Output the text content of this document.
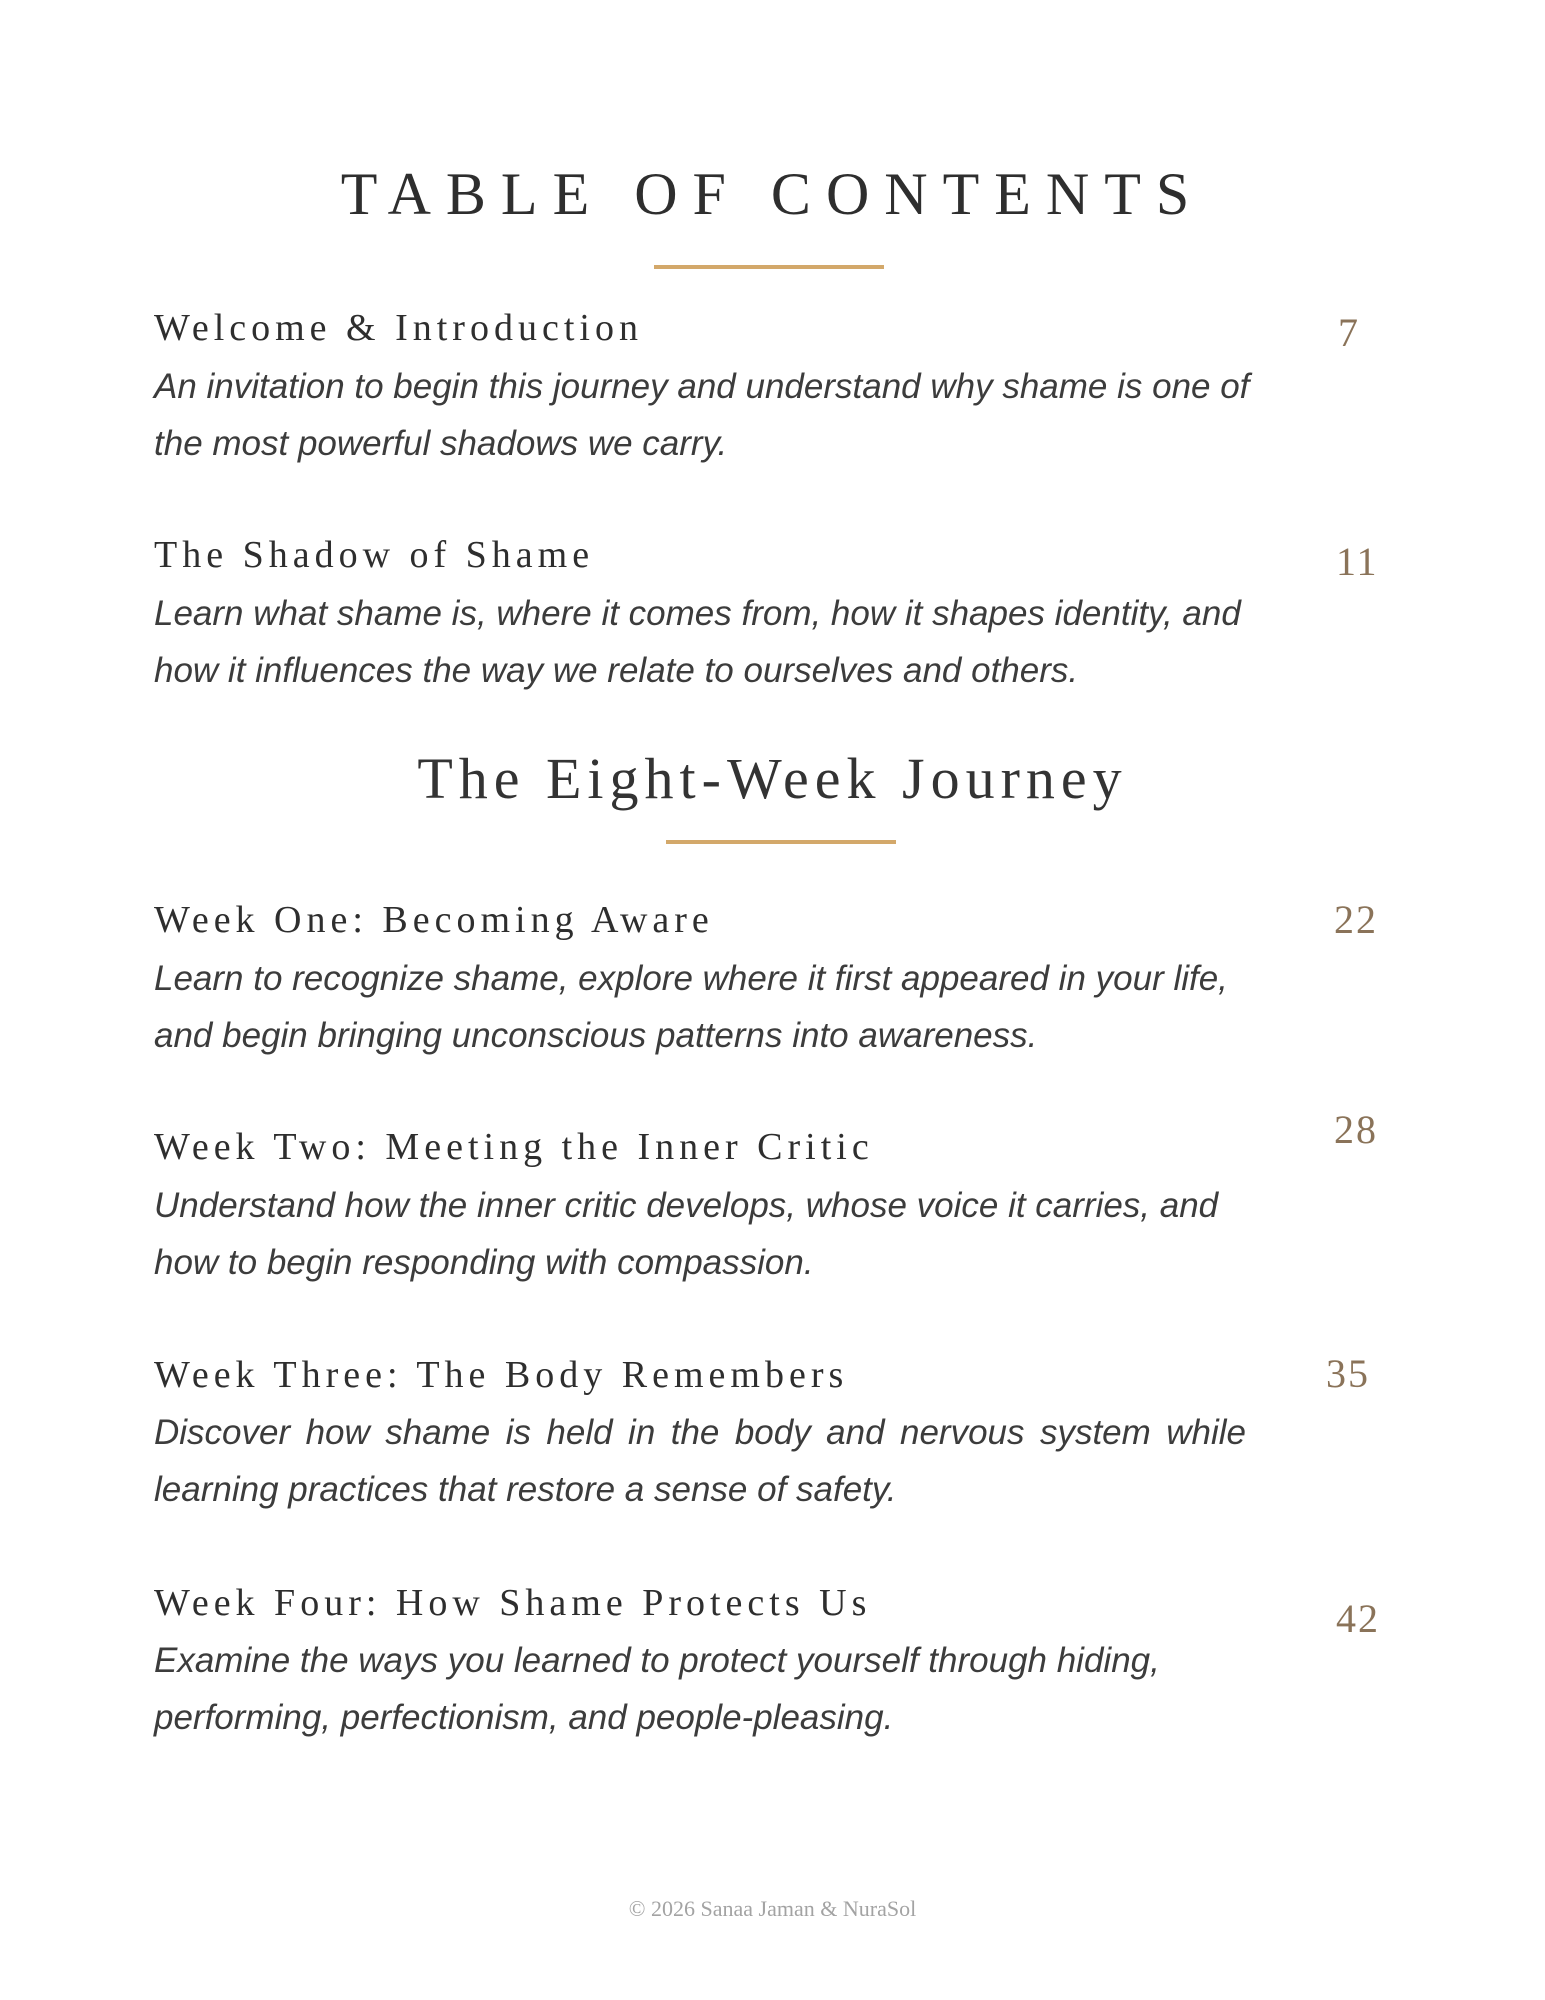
TABLE OF CONTENTS
Welcome & Introduction	7
An invitation to begin this journey and understand why shame is one of the most powerful shadows we carry.
The Shadow of Shame	11
Learn what shame is, where it comes from, how it shapes identity, and how it influences the way we relate to ourselves and others.
The Eight-Week Journey
Week One: Becoming Aware	22
Learn to recognize shame, explore where it first appeared in your life, and begin bringing unconscious patterns into awareness.
Week Two: Meeting the Inner Critic	28
Understand how the inner critic develops, whose voice it carries, and how to begin responding with compassion.
Week Three: The Body Remembers	35
Discover how shame is held in the body and nervous system while learning practices that restore a sense of safety.
Week Four: How Shame Protects Us	42
Examine the ways you learned to protect yourself through hiding, performing, perfectionism, and people-pleasing.
© 2026 Sanaa Jaman & NuraSol
